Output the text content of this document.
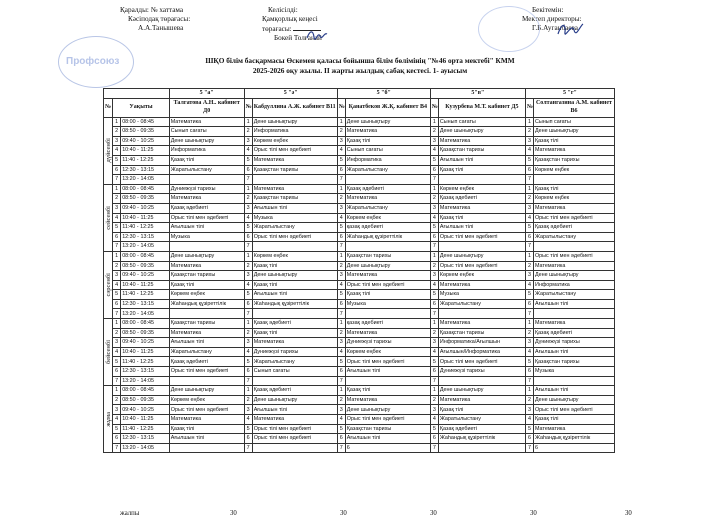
Қаралды: № хаттама
Кәсіподақ төрағасы:
А.А.Танышева
Келісілді:
Қамқорлық кеңесі
төрағасы:
Бокей Толғанай
Бекітемін:
Мектеп директоры:
Г.Б.Ауганбаева
Профсоюз	ШҚО білім басқармасы Өскемен қаласы бойынша білім бөлімінің "№46 орта мектебі" КММ
2025-2026 оқу жылы. II жарты жылдық сабақ кестесі. 1- ауысым
			5 "а"	5 "ә"		5 "б"		5"в"		5 "г"	
№	Уақыты		Талгатова А.Н.. кабинет Д0	№	Кабдуллина А.Ж. кабинет В11	№	Қанатбеков Ж.Қ. кабинет В4	№	Кузурбева М.Т. кабинет Д5	№	Солтангазина А.М. кабинет В6

дүйсенбі	1	08:00 - 08:45	Математика	1	Дене шынықтыру	1	Дене шынықтыру	1	Сынып сағаты	1	Сынып сағаты
	2	08:50 - 09:35	Сынып сағаты	2	Информатика	2	Математика	2	Дене шынықтыру	2	Дене шынықтыру
	3	09:40 - 10:25	Дене шынықтыру	3	Көркем еңбек	3	Қазақ тілі	3	Математика	3	Қазақ тілі
	4	10:40 - 11:25	Информатика	4	Орыс тілі мен әдебиеті	4	Сынып сағаты	4	Қазақстан тарихы	4	Математика
	5	11:40 - 12:25	Қазақ тілі	5	Математика	5	Информатика	5	Ағылшын тілі	5	Қазақстан тарихы
	6	12:30 - 13:15	Жаратылыстану	6	Қазақстан тарихы	6	Жаратылыстану	6	Қазақ тілі	6	Көркем еңбек
	7	13:20 - 14:05		7		7		7		7	

сейсенбі	1	08:00 - 08:45	Дүниежүзі тарихы	1	Математика	1	Қазақ әдебиеті	1	Көркем еңбек	1	Қазақ тілі
	2	08:50 - 09:35	Математика	2	Қазақстан тарихы	2	Математика	2	Қазақ әдебиеті	2	Көркем еңбек
	3	09:40 - 10:25	Қазақ әдебиеті	3	Ағылшын тілі	3	Жаратылыстану	3	Математика	3	Математика
	4	10:40 - 11:25	Орыс тілі мен әдебиеті	4	Музыка	4	Көркем еңбек	4	Қазақ тілі	4	Орыс тілі мен әдебиеті
	5	11:40 - 12:25	Ағылшын тілі	5	Жаратылыстану	5	қазақ әдебиеті	5	Ағылшын тілі	5	Қазақ әдебиеті
	6	12:30 - 13:15	Музыка	6	Орыс тілі мен әдебиеті	6	Жаһандық құзіреттілік	6	Орыс тілі мен әдебиеті	6	Жаратылыстану
	7	13:20 - 14:05		7		7		7		7	

сәрсенбі	1	08:00 - 08:45	Дене шынықтыру	1	Көркем еңбек	1	Қазақстан тарихы	1	Дене шынықтыру	1	Орыс тілі мен әдебиеті
	2	08:50 - 09:35	Математика	2	Қазақ тілі	2	Дене шынықтыру	2	Орыс тілі мен әдебиеті	2	Математика
	3	09:40 - 10:25	Қазақстан тарихы	3	Дене шынықтыру	3	Математика	3	Көркем еңбек	3	Дене шынықтыру
	4	10:40 - 11:25	Қазақ тілі	4	Қазақ тілі	4	Орыс тілі мен әдебиеті	4	Математика	4	Информатика
	5	11:40 - 12:25	Көркем еңбек	5	Ағылшын тілі	5	Қазақ тілі	5	Музыка	5	Жаратылыстану
	6	12:30 - 13:15	Жаһандық құзіреттілік	6	Жаһандық құзіреттілік	6	Музыка	6	Жаратылыстану	6	Ағылшын тілі
	7	13:20 - 14:05		7		7		7		7	

бейсенбі	1	08:00 - 08:45	Қазақстан тарихы	1	Қазақ әдебиеті	1	қазақ әдебиеті	1	Математика	1	Математика
	2	08:50 - 09:35	Математика	2	Қазақ тілі	2	Математика	2	Қазақстан тарихы	2	Қазақ әдебиеті
	3	09:40 - 10:25	Ағылшын тілі	3	Математика	3	Дүниежүзі тарихы	3	Информатика/Ағылшын	3	Дүниежүзі тарихы
	4	10:40 - 11:25	Жаратылыстану	4	Дүниежүзі тарихы	4	Көркем еңбек	4	Ағылшын/Информатика	4	Ағылшын тілі
	5	11:40 - 12:25	Қазақ әдебиеті	5	Жаратылыстану	5	Орыс тілі мен әдебиеті	5	Орыс тілі мен әдебиеті	5	Қазақстан тарихы
	6	12:30 - 13:15	Орыс тілі мен әдебиеті	6	Сынып сағаты	6	Ағылшын тілі	6	Дүниежүзі тарихы	6	Музыка
	7	13:20 - 14:05		7		7		7		7	

жұма	1	08:00 - 08:45	Дене шынықтыру	1	Қазақ әдебиеті	1	Қазақ тілі	1	Дене шынықтыру	1	Ағылшын тілі
	2	08:50 - 09:35	Көркем еңбек	2	Дене шынықтыру	2	Математика	2	Математика	2	Дене шынықтыру
	3	09:40 - 10:25	Орыс тілі мен әдебиеті	3	Ағылшын тілі	3	Дене шынықтыру	3	Қазақ тілі	3	Орыс тілі мен әдебиеті
	4	10:40 - 11:25	Математика	4	Математика	4	Орыс тілі мен әдебиеті	4	Жаратылыстану	4	Қазақ тілі
	5	11:40 - 12:25	Қазақ тілі	5	Орыс тілі мен әдебиеті	5	Қазақстан тарихы	5	Қазақ әдебиеті	5	Математика
	6	12:30 - 13:15	Ағылшын тілі	6	Орыс тілі мен әдебиеті	6	Ағылшын тілі	6	Жаһандық құзіреттілік	6	Жаһандық құзіреттілік
	7	13:20 - 14:05		7		7	6	7		7	6
жалпы	30	30	30	30	30
